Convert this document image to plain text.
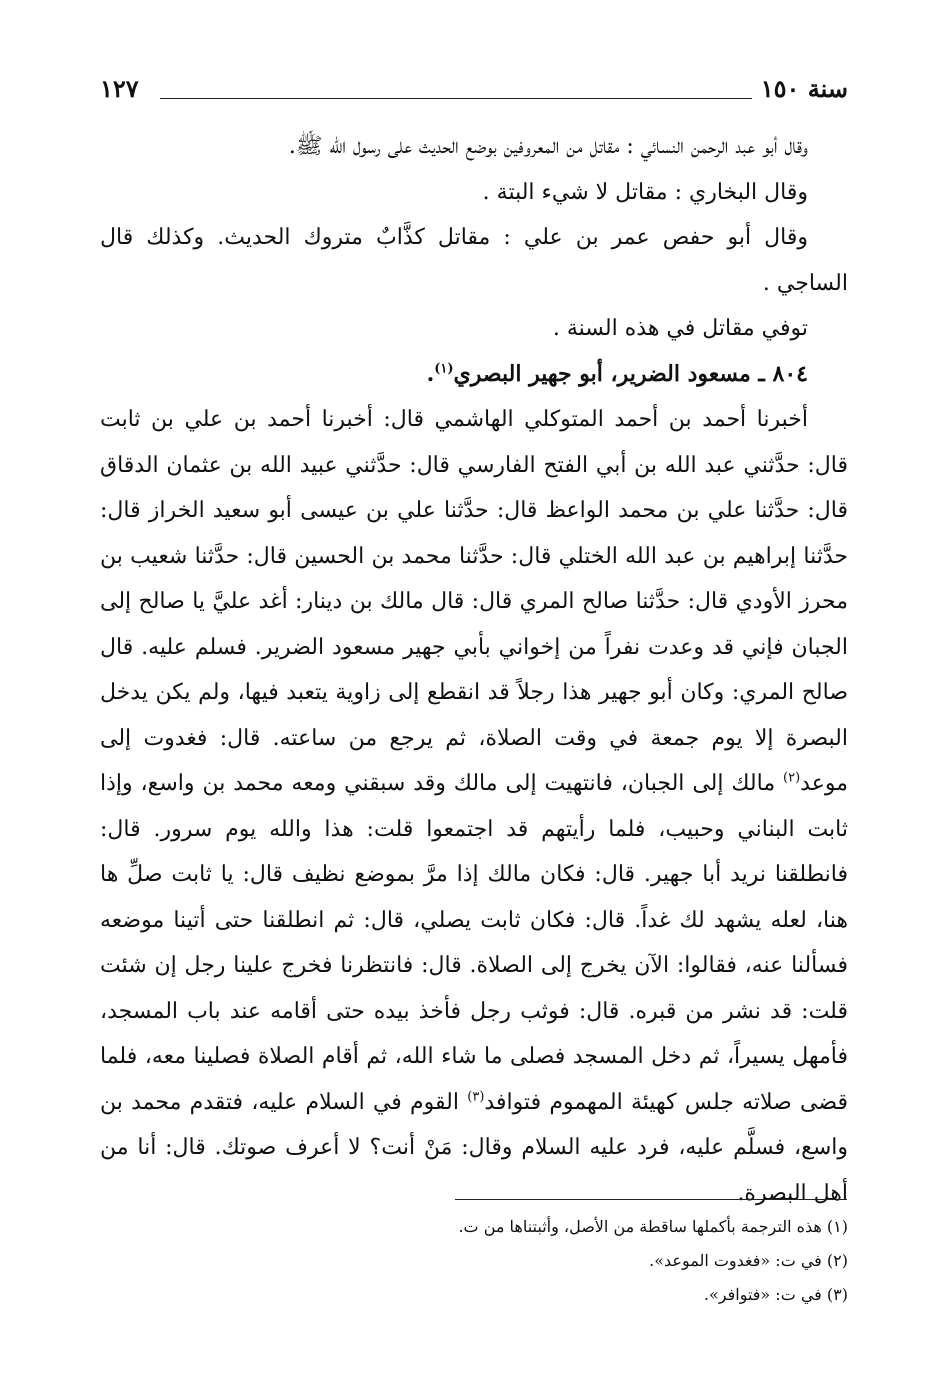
سنة ١٥٠
١٢٧

وقال أبو عبد الرحمن النسائي : مقاتل من المعروفين بوضع الحديث على رسول الله ﷺ.

وقال البخاري : مقاتل لا شيء البتة .

وقال أبو حفص عمر بن علي : مقاتل كذَّابٌ متروك الحديث. وكذلك قال الساجي .

توفي مقاتل في هذه السنة .

٨٠٤ ـ مسعود الضرير، أبو جهير البصري$^{(١)}$.

أخبرنا أحمد بن أحمد المتوكلي الهاشمي قال: أخبرنا أحمد بن علي بن ثابت قال: حدَّثني عبد الله بن أبي الفتح الفارسي قال: حدَّثني عبيد الله بن عثمان الدقاق قال: حدَّثنا علي بن محمد الواعظ قال: حدَّثنا علي بن عيسى أبو سعيد الخراز قال: حدَّثنا إبراهيم بن عبد الله الختلي قال: حدَّثنا محمد بن الحسين قال: حدَّثنا شعيب بن محرز الأودي قال: حدَّثنا صالح المري قال: قال مالك بن دينار: أغد عليَّ يا صالح إلى الجبان فإني قد وعدت نفراً من إخواني بأبي جهير مسعود الضرير. فسلم عليه. قال صالح المري: وكان أبو جهير هذا رجلاً قد انقطع إلى زاوية يتعبد فيها، ولم يكن يدخل البصرة إلا يوم جمعة في وقت الصلاة، ثم يرجع من ساعته. قال: فغدوت إلى موعد$^{(٢)}$ مالك إلى الجبان، فانتهيت إلى مالك وقد سبقني ومعه محمد بن واسع، وإذا ثابت البناني وحبيب، فلما رأيتهم قد اجتمعوا قلت: هذا والله يوم سرور. قال: فانطلقنا نريد أبا جهير. قال: فكان مالك إذا مرَّ بموضع نظيف قال: يا ثابت صلِّ ها هنا، لعله يشهد لك غداً. قال: فكان ثابت يصلي، قال: ثم انطلقنا حتى أتينا موضعه فسألنا عنه، فقالوا: الآن يخرج إلى الصلاة. قال: فانتظرنا فخرج علينا رجل إن شئت قلت: قد نشر من قبره. قال: فوثب رجل فأخذ بيده حتى أقامه عند باب المسجد، فأمهل يسيراً، ثم دخل المسجد فصلى ما شاء الله، ثم أقام الصلاة فصلينا معه، فلما قضى صلاته جلس كهيئة المهموم فتوافد$^{(٣)}$ القوم في السلام عليه، فتقدم محمد بن واسع، فسلَّم عليه، فرد عليه السلام وقال: مَنْ أنت؟ لا أعرف صوتك. قال: أنا من أهل البصرة.

(١) هذه الترجمة بأكملها ساقطة من الأصل، وأثبتناها من ت.

(٢) في ت: «فغدوت الموعد».

(٣) في ت: «فتوافر».
